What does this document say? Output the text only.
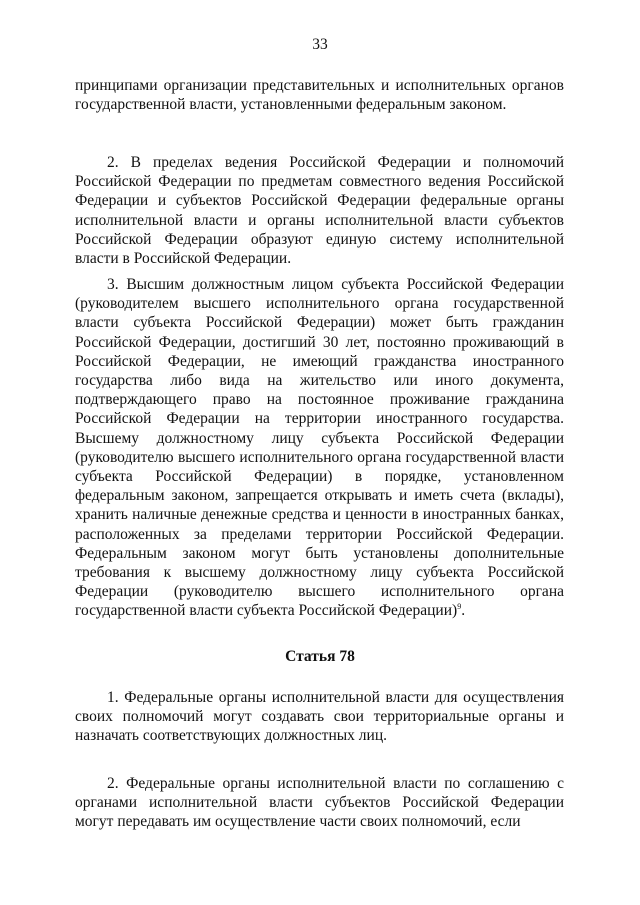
33

принципами организации представительных и исполнительных органов государственной власти, установленными федеральным законом.

2. В пределах ведения Российской Федерации и полномочий Российской Федерации по предметам совместного ведения Российской Федерации и субъектов Российской Федерации федеральные органы исполнительной власти и органы исполнительной власти субъектов Российской Федерации образуют единую систему исполнительной власти в Российской Федерации.

3. Высшим должностным лицом субъекта Российской Федерации (руководителем высшего исполнительного органа государственной власти субъекта Российской Федерации) может быть гражданин Российской Федерации, достигший 30 лет, постоянно проживающий в Российской Федерации, не имеющий гражданства иностранного государства либо вида на жительство или иного документа, подтверждающего право на постоянное проживание гражданина Российской Федерации на территории иностранного государства. Высшему должностному лицу субъекта Российской Федерации (руководителю высшего исполнительного органа государственной власти субъекта Российской Федерации) в порядке, установленном федеральным законом, запрещается открывать и иметь счета (вклады), хранить наличные денежные средства и ценности в иностранных банках, расположенных за пределами территории Российской Федерации. Федеральным законом могут быть установлены дополнительные требования к высшему должностному лицу субъекта Российской Федерации (руководителю высшего исполнительного органа государственной власти субъекта Российской Федерации)$^9$.

Статья 78

1. Федеральные органы исполнительной власти для осуществления своих полномочий могут создавать свои территориальные органы и назначать соответствующих должностных лиц.

2. Федеральные органы исполнительной власти по соглашению с органами исполнительной власти субъектов Российской Федерации могут передавать им осуществление части своих полномочий, если
